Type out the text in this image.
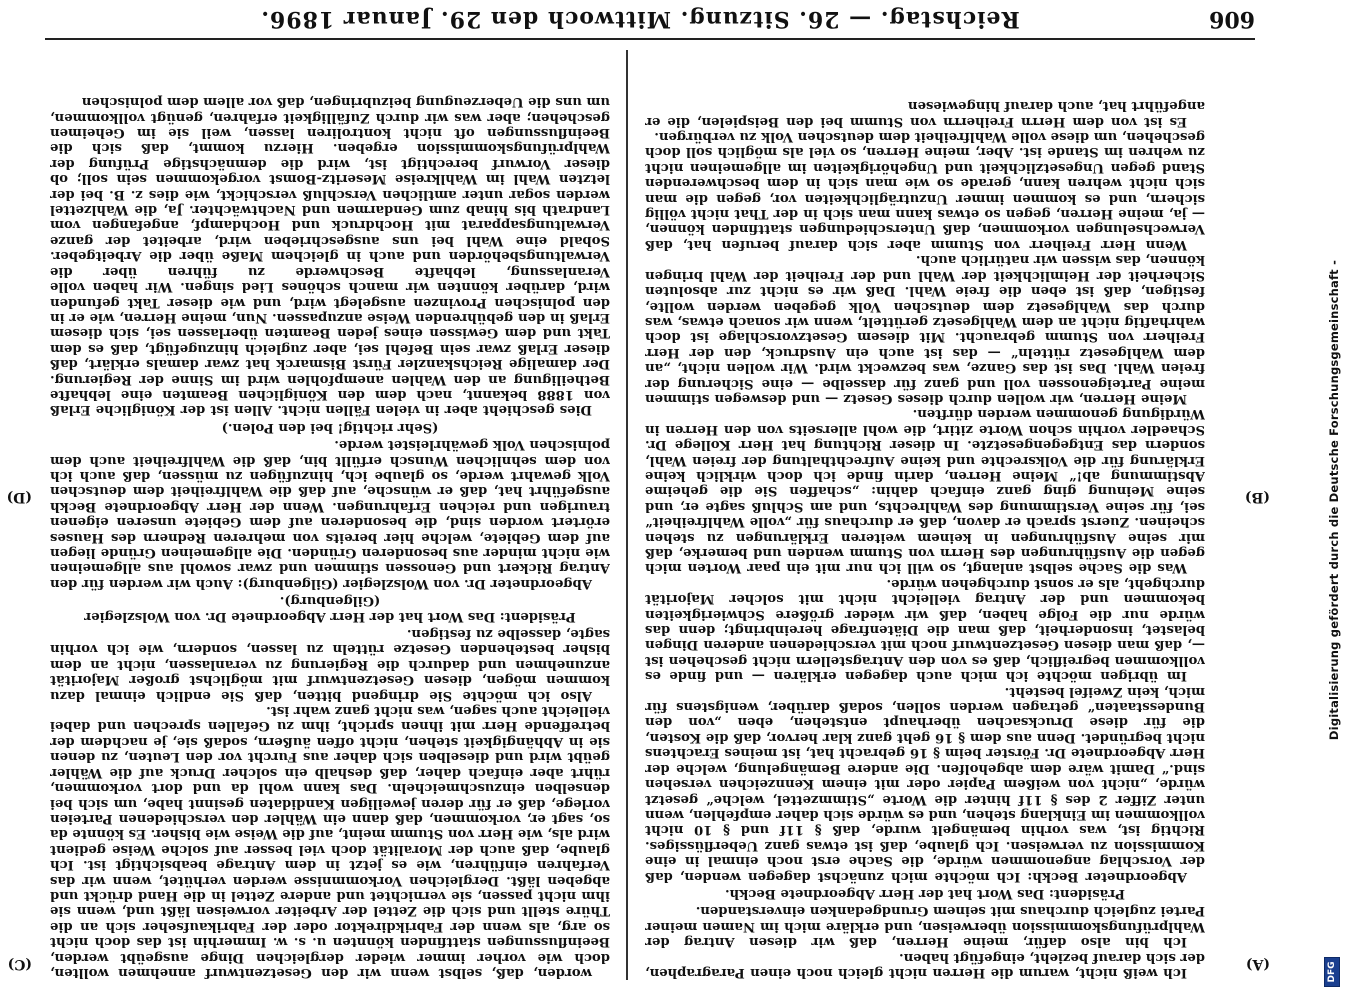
606
Reichstag. — 26. Sitzung. Mittwoch den 29. Januar 1896.
(A)
(B)
(C)
(D)

Ich weiß nicht, warum die Herren nicht gleich noch einen Paragraphen, der sich darauf bezieht, eingefügt haben.

Ich bin also dafür, meine Herren, daß wir diesen Antrag der Wahlprüfungskommission überweisen, und erkläre mich im Namen meiner Partei zugleich durchaus mit seinem Grundgedanken einverstanden.

Präsident: Das Wort hat der Herr Abgeordnete Beckh.

Abgeordneter Beckh: Ich möchte mich zunächst dagegen wenden, daß der Vorschlag angenommen würde, die Sache erst noch einmal in eine Kommission zu verweisen. Ich glaube, daß ist etwas ganz Ueberflüssiges. Richtig ist, was vorhin bemängelt wurde, daß § 11f und § 10 nicht vollkommen im Einklang stehen, und es würde sich daher empfehlen, wenn unter Ziffer 2 des § 11f hinter die Worte „Stimmzettel, welche“ gesetzt würde, „nicht von weißem Papier oder mit einem Kennzeichen versehen sind.“ Damit wäre dem abgeholfen. Die andere Bemängelung, welche der Herr Abgeordnete Dr. Förster beim § 16 gebracht hat, ist meines Erachtens nicht begründet. Denn aus dem § 16 geht ganz klar hervor, daß die Kosten, die für diese Drucksachen überhaupt entstehen, eben „von den Bundesstaaten“ getragen werden sollen, sodaß darüber, wenigstens für mich, kein Zweifel besteht.

Im übrigen möchte ich mich auch dagegen erklären — und finde es vollkommen begreiflich, daß es von den Antragstellern nicht geschehen ist —, daß man diesen Gesetzentwurf noch mit verschiedenen anderen Dingen belastet, insonderheit, daß man die Diätenfrage hereinbringt; denn das würde nur die Folge haben, daß wir wieder größere Schwierigkeiten bekommen und der Antrag vielleicht nicht mit solcher Majorität durchgeht, als er sonst durchgehen würde.

Was die Sache selbst anlangt, so will ich nur mit ein paar Worten mich gegen die Ausführungen des Herrn von Stumm wenden und bemerke, daß mir seine Ausführungen in keinem weiteren Erklärungen zu stehen scheinen. Zuerst sprach er davon, daß er durchaus für „volle Wahlfreiheit“ sei, für seine Verstimmung des Wahlrechts, und am Schluß sagte er, und seine Meinung ging ganz einfach dahin: „schaffen Sie die geheime Abstimmung ab!“ Meine Herren, darin finde ich doch wirklich keine Erklärung für die Volksrechte und keine Aufrechthaltung der freien Wahl, sondern das Entgegengesetzte. In dieser Richtung hat Herr Kollege Dr. Schaedler vorhin schon Worte zitirt, die wohl allerseits von den Herren in Würdigung genommen werden dürften.

Meine Herren, wir wollen durch dieses Gesetz — und deswegen stimmen meine Parteigenossen voll und ganz für dasselbe — eine Sicherung der freien Wahl. Das ist das Ganze, was bezweckt wird. Wir wollen nicht, „an dem Wahlgesetz rütteln“ — das ist auch ein Ausdruck, den der Herr Freiherr von Stumm gebraucht. Mit diesem Gesetzvorschlage ist doch wahrhaftig nicht an dem Wahlgesetz gerüttelt, wenn wir sonach etwas, was durch das Wahlgesetz dem deutschen Volk gegeben werden wollte, festigen, daß ist eben die freie Wahl. Daß wir es nicht zur absoluten Sicherheit der Heimlichkeit der Wahl und der Freiheit der Wahl bringen können, das wissen wir natürlich auch.

Wenn Herr Freiherr von Stumm aber sich darauf berufen hat, daß Verwechselungen vorkommen, daß Unterschiedungen stattfinden können, — ja, meine Herren, gegen so etwas kann man sich in der That nicht völlig sichern, und es kommen immer Unzuträglichkeiten vor, gegen die man sich nicht wehren kann, gerade so wie man sich in dem beschwerenden Stand gegen Ungesetzlichkeit und Ungehörigkeiten im allgemeinen nicht zu wehren im Stande ist. Aber, meine Herren, so viel als möglich soll doch geschehen, um diese volle Wahlfreiheit dem deutschen Volk zu verbürgen.

Es ist von dem Herrn Freiherrn von Stumm bei den Beispielen, die er angeführt hat, auch darauf hingewiesen

worden, daß, selbst wenn wir den Gesetzentwurf annehmen wollten, doch wie vorher immer wieder dergleichen Dinge ausgeübt werden, Beeinflussungen stattfinden könnten u. s. w. Immerhin ist das doch nicht so arg, als wenn der Fabrikdirektor oder der Fabrikaufseher sich an die Thüre stellt und sich die Zettel der Arbeiter vorweisen läßt und, wenn sie ihm nicht passen, sie vernichtet und andere Zettel in die Hand drückt und abgeben läßt. Dergleichen Vorkommnisse werden verhütet, wenn wir das Verfahren einführen, wie es jetzt in dem Antrage beabsichtigt ist. Ich glaube, daß auch der Moralität doch viel besser auf solche Weise gedient wird als, wie Herr von Stumm meint, auf die Weise wie bisher. Es könnte da so, sagt er, vorkommen, daß dann ein Wähler den verschiedenen Parteien vorlege, daß er für deren jeweiligen Kandidaten gesinnt habe, um sich bei denselben einzuschmeicheln. Das kann wohl da und dort vorkommen, rührt aber einfach daher, daß deshalb ein solcher Druck auf die Wähler geübt wird und dieselben sich daher aus Furcht vor den Leuten, zu denen sie in Abhängigkeit stehen, nicht offen äußern, sodaß sie, je nachdem der betreffende Herr mit ihnen spricht, ihm zu Gefallen sprechen und dabei vielleicht auch sagen, was nicht ganz wahr ist.

Also ich möchte Sie dringend bitten, daß Sie endlich einmal dazu kommen mögen, diesen Gesetzentwurf mit möglichst großer Majorität anzunehmen und dadurch die Regierung zu veranlassen, nicht an dem bisher bestehenden Gesetze rütteln zu lassen, sondern, wie ich vorhin sagte, dasselbe zu festigen.

Präsident: Das Wort hat der Herr Abgeordnete Dr. von Wolszlegier (Gilgenburg).

Abgeordneter Dr. von Wolszlegier (Gilgenburg): Auch wir werden für den Antrag Rickert und Genossen stimmen und zwar sowohl aus allgemeinen wie nicht minder aus besonderen Gründen. Die allgemeinen Gründe liegen auf dem Gebiete, welche hier bereits von mehreren Rednern des Hauses erörtert worden sind, die besonderen auf dem Gebiete unseren eigenen traurigen und reichen Erfahrungen. Wenn der Herr Abgeordnete Beckh ausgeführt hat, daß er wünsche, auf daß die Wahlfreiheit dem deutschen Volk gewahrt werde, so glaube ich, hinzufügen zu müssen, daß auch ich von dem sehnlichen Wunsch erfüllt bin, daß die Wahlfreiheit auch dem polnischen Volk gewährleistet werde.

(Sehr richtig! bei den Polen.)

Dies geschieht aber in vielen Fällen nicht. Allen ist der Königliche Erlaß von 1888 bekannt, nach dem den Königlichen Beamten eine lebhafte Betheiligung an den Wahlen anempfohlen wird im Sinne der Regierung. Der damalige Reichskanzler Fürst Bismarck hat zwar damals erklärt, daß dieser Erlaß zwar sein Befehl sei, aber zugleich hinzugefügt, daß es dem Takt und dem Gewissen eines jeden Beamten überlassen sei, sich diesem Erlaß in den gebührenden Weise anzupassen. Nun, meine Herren, wie er in den polnischen Provinzen ausgelegt wird, und wie dieser Takt gefunden wird, darüber könnten wir manch schönes Lied singen. Wir haben volle Veranlassung, lebhafte Beschwerde zu führen über die Verwaltungsbehörden und auch in gleichem Maße über die Arbeitgeber. Sobald eine Wahl bei uns ausgeschrieben wird, arbeitet der ganze Verwaltungsapparat mit Hochdruck und Hochdampf, angefangen vom Landrath bis hinab zum Gendarmen und Nachtwächter. Ja, die Wahlzettel werden sogar unter amtlichen Verschluß verschickt, wie dies z. B. bei der letzten Wahl im Wahlkreise Meseritz-Bomst vorgekommen sein soll; ob dieser Vorwurf berechtigt ist, wird die demnächstige Prüfung der Wahlprüfungskommission ergeben. Hierzu kommt, daß sich die Beeinflussungen oft nicht kontroliren lassen, weil sie im Geheimen geschehen; aber was wir durch Zufälligkeit erfahren, genügt vollkommen, um uns die Ueberzeugung beizubringen, daß vor allem dem polnischen

Digitalisierung gefördert durch die Deutsche Forschungsgemeinschaft -
DFG
